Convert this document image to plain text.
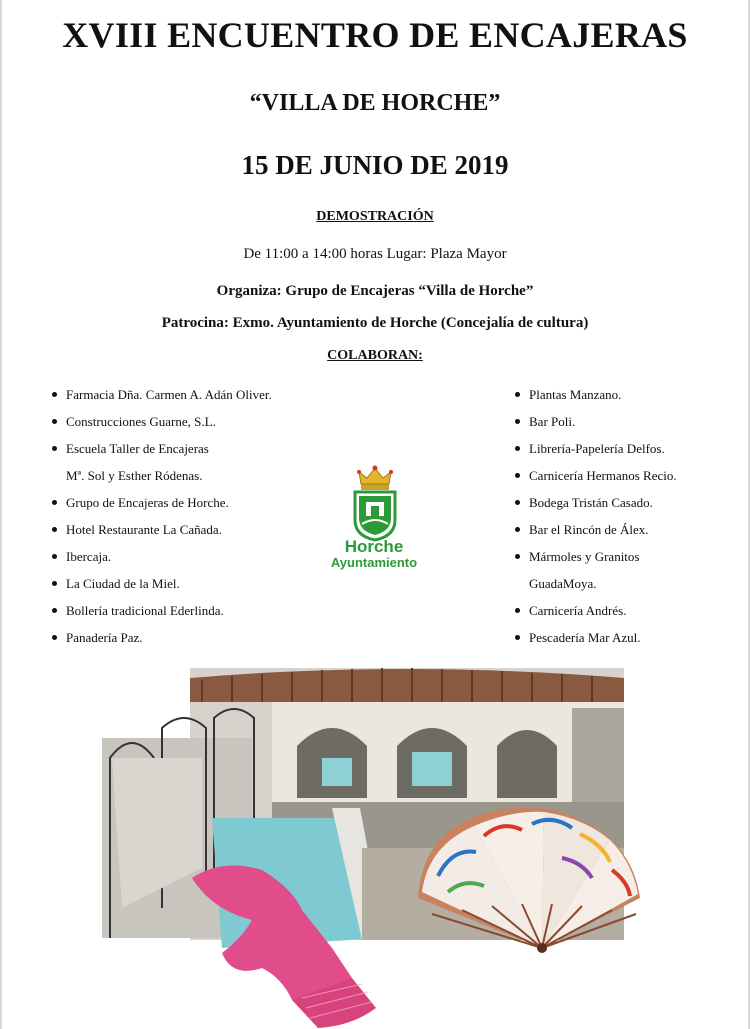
XVIII ENCUENTRO DE ENCAJERAS
“VILLA DE HORCHE”
15 DE JUNIO DE 2019
DEMOSTRACIÓN
De 11:00 a 14:00 horas Lugar: Plaza Mayor
Organiza: Grupo de Encajeras “Villa de Horche”
Patrocina: Exmo. Ayuntamiento de Horche (Concejalía de cultura)
COLABORAN:
Farmacia Dña. Carmen A. Adán Oliver.
Construcciones Guarne, S.L.
Escuela Taller de Encajeras
Mª. Sol y Esther Ródenas.
Grupo de Encajeras de Horche.
Hotel Restaurante La Cañada.
Ibercaja.
La Ciudad de la Miel.
Bollería tradicional Ederlinda.
Panadería Paz.
Plantas Manzano.
Bar Poli.
Librería-Papelería Delfos.
Carnicería Hermanos Recio.
Bodega Tristán Casado.
Bar el Rincón de Álex.
Mármoles y Granitos
GuadaMoya.
Carnicería Andrés.
Pescadería Mar Azul.
Horche
Ayuntamiento
